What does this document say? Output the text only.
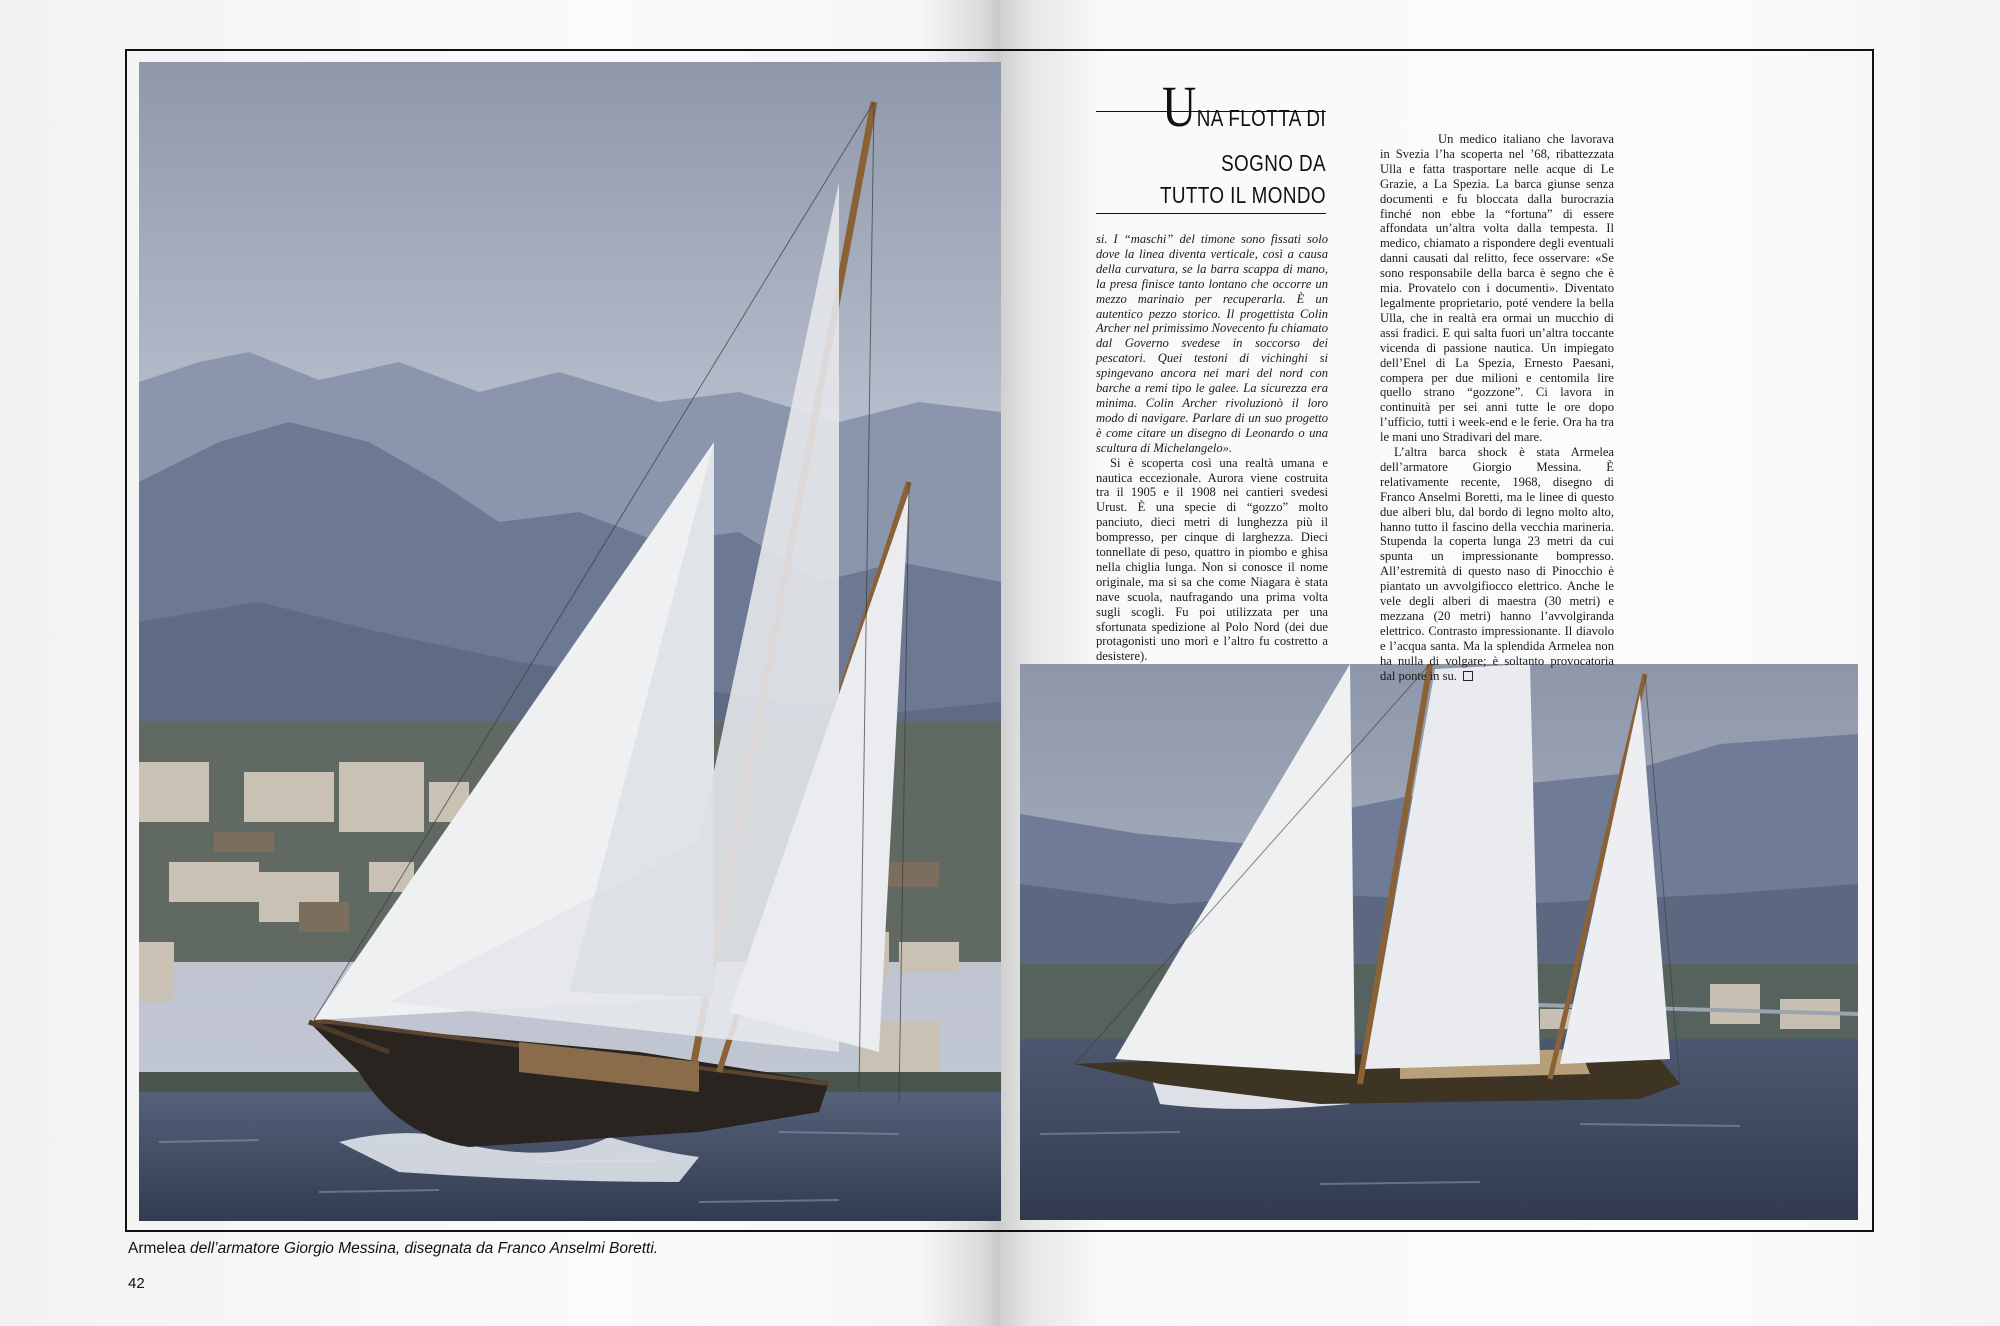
UNA FLOTTA DI
SOGNO DA
TUTTO IL MONDO

si. I “maschi” del timone sono fissati solo dove la linea diventa verticale, così a causa della curvatura, se la barra scappa di mano, la presa finisce tanto lontano che occorre un mezzo marinaio per recuperarla. È un autentico pezzo storico. Il progettista Colin Archer nel primissimo Novecento fu chiamato dal Governo svedese in soccorso dei pescatori. Quei testoni di vichinghi si spingevano ancora nei mari del nord con barche a remi tipo le galee. La sicurezza era minima. Colin Archer rivoluzionò il loro modo di navigare. Parlare di un suo progetto è come citare un disegno di Leonardo o una scultura di Michelangelo».

Si è scoperta così una realtà umana e nautica eccezionale. Aurora viene costruita tra il 1905 e il 1908 nei cantieri svedesi Urust. È una specie di “gozzo” molto panciuto, dieci metri di lunghezza più il bompresso, per cinque di larghezza. Dieci tonnellate di peso, quattro in piombo e ghisa nella chiglia lunga. Non si conosce il nome originale, ma si sa che come Niagara è stata nave scuola, naufragando una prima volta sugli scogli. Fu poi utilizzata per una sfortunata spedizione al Polo Nord (dei due protagonisti uno morì e l’altro fu costretto a desistere).

Un medico italiano che lavorava in Svezia l’ha scoperta nel ’68, ribattezzata Ulla e fatta trasportare nelle acque di Le Grazie, a La Spezia. La barca giunse senza documenti e fu bloccata dalla burocrazia finché non ebbe la “fortuna” di essere affondata un’altra volta dalla tempesta. Il medico, chiamato a rispondere degli eventuali danni causati dal relitto, fece osservare: «Se sono responsabile della barca è segno che è mia. Provatelo con i documenti». Diventato legalmente proprietario, poté vendere la bella Ulla, che in realtà era ormai un mucchio di assi fradici. E qui salta fuori un’altra toccante vicenda di passione nautica. Un impiegato dell’Enel di La Spezia, Ernesto Paesani, compera per due milioni e centomila lire quello strano “gozzone”. Ci lavora in continuità per sei anni tutte le ore dopo l’ufficio, tutti i week-end e le ferie. Ora ha tra le mani uno Stradivari del mare.

L’altra barca shock è stata Armelea dell’armatore Giorgio Messina. È relativamente recente, 1968, disegno di Franco Anselmi Boretti, ma le linee di questo due alberi blu, dal bordo di legno molto alto, hanno tutto il fascino della vecchia marineria. Stupenda la coperta lunga 23 metri da cui spunta un impressionante bompresso. All’estremità di questo naso di Pinocchio è piantato un avvolgifiocco elettrico. Anche le vele degli alberi di maestra (30 metri) e mezzana (20 metri) hanno l’avvolgiranda elettrico. Contrasto impressionante. Il diavolo e l’acqua santa. Ma la splendida Armelea non ha nulla di volgare; è soltanto provocatoria dal ponte in su.

Armelea dell’armatore Giorgio Messina, disegnata da Franco Anselmi Boretti.
42
